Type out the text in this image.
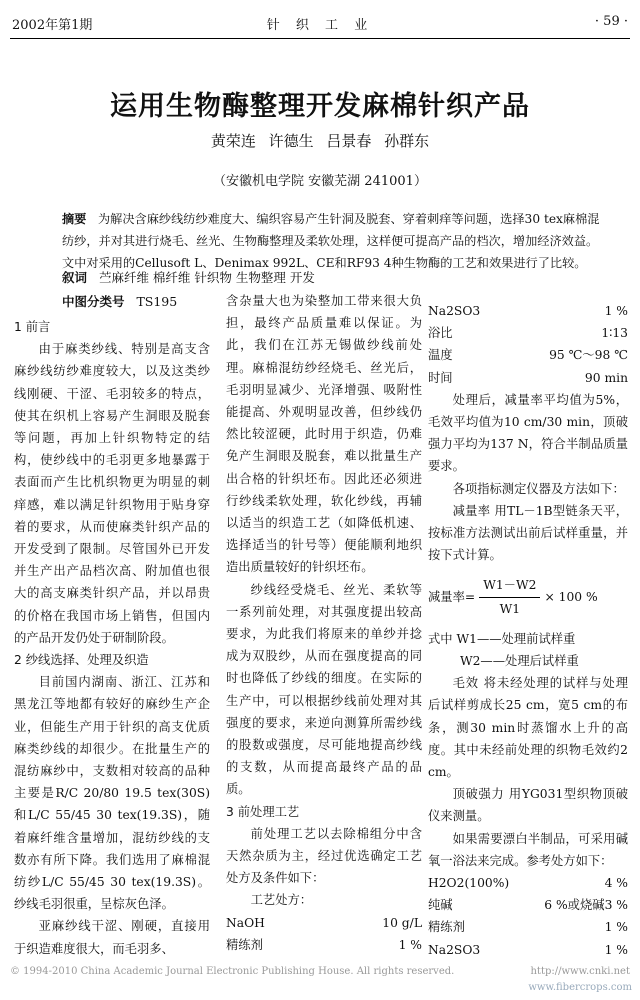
2002年第1期	针 织 工 业	· 59 ·
运用生物酶整理开发麻棉针织产品
黄荣连 许德生 吕景春 孙群东
（安徽机电学院 安徽芜湖 241001）
摘要 为解决含麻纱线纺纱难度大、编织容易产生针洞及脱套、穿着刺痒等问题，选择30 tex麻棉混纺纱，并对其进行烧毛、丝光、生物酶整理及柔软处理，这样便可提高产品的档次，增加经济效益。文中对采用的Cellusoft L、Denimax 992L、CE和RF93 4种生物酶的工艺和效果进行了比较。
叙词 苎麻纤维 棉纤维 针织物 生物整理 开发
中图分类号 TS195

1 前言

由于麻类纱线、特别是高支含麻纱线纺纱难度较大，以及这类纱线刚硬、干涩、毛羽较多的特点，使其在织机上容易产生洞眼及脱套等问题，再加上针织物特定的结构，使纱线中的毛羽更多地暴露于表面而产生比机织物更为明显的刺痒感，难以满足针织物用于贴身穿着的要求，从而使麻类针织产品的开发受到了限制。尽管国外已开发并生产出产品档次高、附加值也很大的高支麻类针织产品，并以昂贵的价格在我国市场上销售，但国内的产品开发仍处于研制阶段。

2 纱线选择、处理及织造

目前国内湖南、浙江、江苏和黑龙江等地都有较好的麻纱生产企业，但能生产用于针织的高支优质麻类纱线的却很少。在批量生产的混纺麻纱中，支数相对较高的品种主要是R/C 20/80 19.5 tex(30S)和L/C 55/45 30 tex(19.3S)，随着麻纤维含量增加，混纺纱线的支数亦有所下降。我们选用了麻棉混纺纱L/C 55/45 30 tex(19.3S)。纱线毛羽很重，呈棕灰色泽。

亚麻纱线干涩、刚硬，直接用于织造难度很大，而毛羽多、

含杂量大也为染整加工带来很大负担，最终产品质量难以保证。为此，我们在江苏无锡做纱线前处理。麻棉混纺纱经烧毛、丝光后，毛羽明显减少、光泽增强、吸附性能提高、外观明显改善，但纱线仍然比较涩硬，此时用于织造，仍难免产生洞眼及脱套，难以批量生产出合格的针织坯布。因此还必须进行纱线柔软处理，软化纱线，再辅以适当的织造工艺（如降低机速、选择适当的针号等）便能顺利地织造出质量较好的针织坯布。

纱线经受烧毛、丝光、柔软等一系列前处理，对其强度提出较高要求，为此我们将原来的单纱并捻成为双股纱，从而在强度提高的同时也降低了纱线的细度。在实际的生产中，可以根据纱线前处理对其强度的要求，来逆向测算所需纱线的股数或强度，尽可能地提高纱线的支数，从而提高最终产品的品质。

3 前处理工艺

前处理工艺以去除棉组分中含天然杂质为主，经过优选确定工艺处方及条件如下：

工艺处方：

NaOH	10 g/L
精练剂	1 %
Na2SO3	1 %
浴比	1∶13
温度	95 ℃～98 ℃
时间	90 min

处理后，减量率平均值为5%，毛效平均值为10 cm/30 min，顶破强力平均为137 N，符合半制品质量要求。

各项指标测定仪器及方法如下：

减量率 用TL－1B型链条天平，按标准方法测试出前后试样重量，并按下式计算。

减量率= $\frac{W1-W2}{W1} \times 100$ %

式中 W1——处理前试样重

W2——处理后试样重

毛效 将未经处理的试样与处理后试样剪成长25 cm，宽5 cm的布条，测30 min时蒸馏水上升的高度。其中未经前处理的织物毛效约2 cm。

顶破强力 用YG031型织物顶破仪来测量。

如果需要漂白半制品，可采用碱氧一浴法来完成。参考处方如下：

H2O2(100%)	4 %
纯碱	6 %或烧碱3 %
精练剂	1 %
Na2SO3	1 %
© 1994-2010 China Academic Journal Electronic Publishing House. All rights reserved.	http://www.cnki.net
www.fibercrops.com
